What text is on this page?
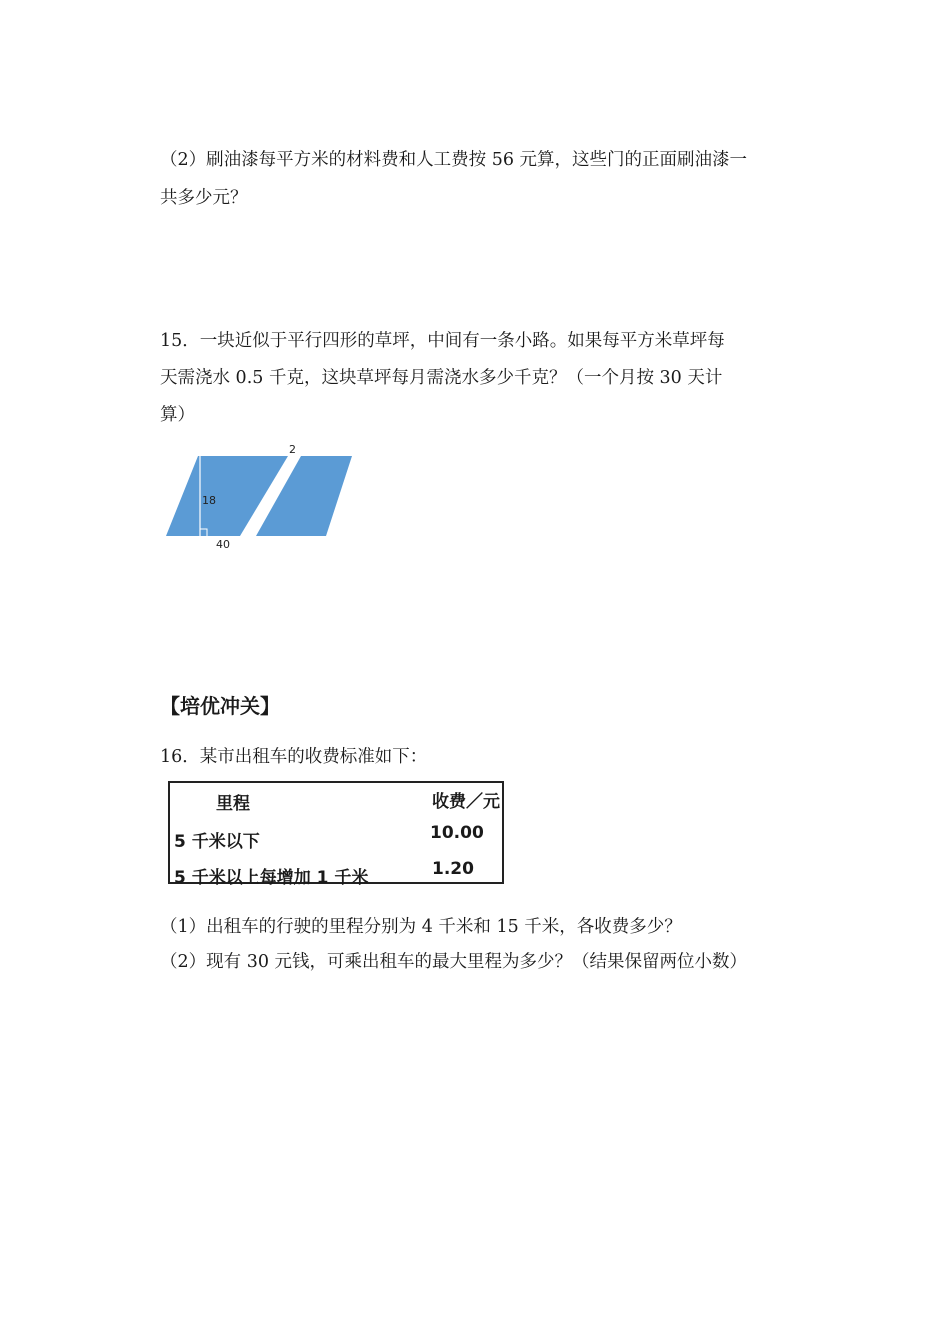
（2）刷油漆每平方米的材料费和人工费按 56 元算，这些门的正面刷油漆一
共多少元？
15．一块近似于平行四形的草坪，中间有一条小路。如果每平方米草坪每
天需浇水 0.5 千克，这块草坪每月需浇水多少千克？（一个月按 30 天计
算）
2
18
40
【培优冲关】
16．某市出租车的收费标准如下：
里程	收费／元
5 千米以下	10.00
5 千米以上每增加 1 千米	1.20
（1）出租车的行驶的里程分别为 4 千米和 15 千米，各收费多少？
（2）现有 30 元钱，可乘出租车的最大里程为多少？（结果保留两位小数）
